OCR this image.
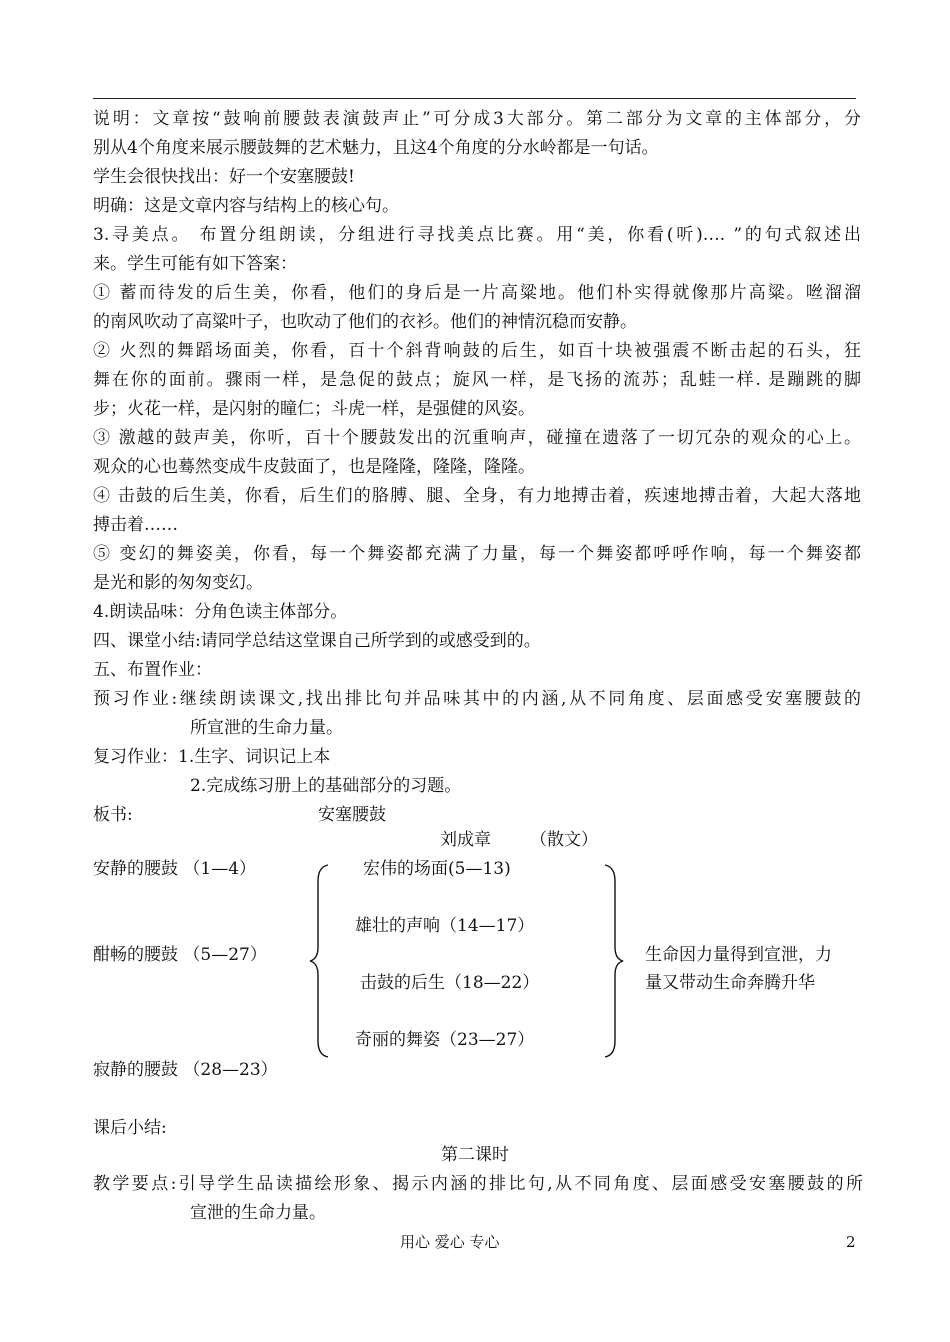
说明：文章按“鼓响前腰鼓表演鼓声止”可分成3大部分。第二部分为文章的主体部分，分
别从4个角度来展示腰鼓舞的艺术魅力，且这4个角度的分水岭都是一句话。
学生会很快找出：好一个安塞腰鼓!
明确：这是文章内容与结构上的核心句。
3.寻美点。 布置分组朗读，分组进行寻找美点比赛。用“美，你看(听)…. ”的句式叙述出
来。学生可能有如下答案：
① 蓄而待发的后生美，你看，他们的身后是一片高粱地。他们朴实得就像那片高粱。咝溜溜
的南风吹动了高粱叶子，也吹动了他们的衣衫。他们的神情沉稳而安静。
② 火烈的舞蹈场面美，你看，百十个斜背响鼓的后生，如百十块被强震不断击起的石头，狂
舞在你的面前。骤雨一样，是急促的鼓点；旋风一样，是飞扬的流苏；乱蛙一样. 是蹦跳的脚
步；火花一样，是闪射的瞳仁；斗虎一样，是强健的风姿。
③ 激越的鼓声美，你听，百十个腰鼓发出的沉重响声，碰撞在遗落了一切冗杂的观众的心上。
观众的心也蓦然变成牛皮鼓面了，也是隆隆，隆隆，隆隆。
④ 击鼓的后生美，你看，后生们的胳膊、腿、全身，有力地搏击着，疾速地搏击着，大起大落地
搏击着……
⑤ 变幻的舞姿美，你看，每一个舞姿都充满了力量，每一个舞姿都呼呼作响，每一个舞姿都
是光和影的匆匆变幻。
4.朗读品味：分角色读主体部分。
四、课堂小结:请同学总结这堂课自己所学到的或感受到的。
五、布置作业：
预习作业:继续朗读课文,找出排比句并品味其中的内涵,从不同角度、层面感受安塞腰鼓的
所宣泄的生命力量。
复习作业：1.生字、词识记上本
2.完成练习册上的基础部分的习题。
板书:	安塞腰鼓
刘成章 （散文）
安静的腰鼓 （1—4）
酣畅的腰鼓 （5—27）
寂静的腰鼓 （28—23）
宏伟的场面(5—13)
雄壮的声响（14—17）
击鼓的后生（18—22）
奇丽的舞姿（23—27）
生命因力量得到宣泄，力
量又带动生命奔腾升华
课后小结:
第二课时
教学要点:引导学生品读描绘形象、揭示内涵的排比句,从不同角度、层面感受安塞腰鼓的所
宣泄的生命力量。
用心 爱心 专心	2
